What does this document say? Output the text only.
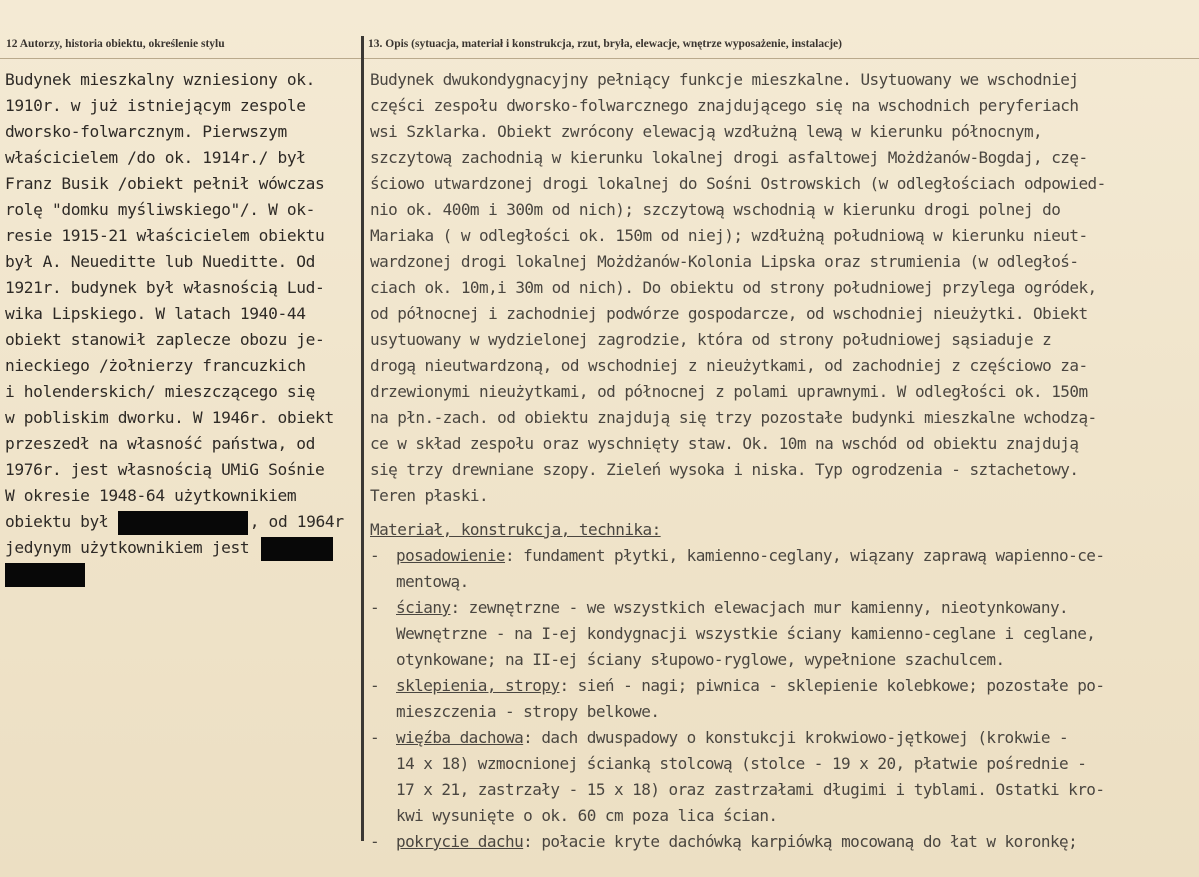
12 Autorzy, historia obiektu, określenie stylu	13. Opis (sytuacja, materiał i konstrukcja, rzut, bryła, elewacje, wnętrze wyposażenie, instalacje)
Budynek mieszkalny wzniesiony ok.
1910r. w już istniejącym zespole
dworsko-folwarcznym. Pierwszym
właścicielem /do ok. 1914r./ był
Franz Busik /obiekt pełnił wówczas
rolę "domku myśliwskiego"/. W ok-
resie 1915-21 właścicielem obiektu
był A. Neueditte lub Nueditte. Od
1921r. budynek był własnością Lud-
wika Lipskiego. W latach 1940-44
obiekt stanowił zaplecze obozu je-
nieckiego /żołnierzy francuzkich
i holenderskich/ mieszczącego się
w pobliskim dworku. W 1946r. obiekt
przeszedł na własność państwa, od
1976r. jest własnością UMiG Sośnie
W okresie 1948-64 użytkownikiem
obiektu był	, od 1964r
jedynym użytkownikiem jest
Budynek dwukondygnacyjny pełniący funkcje mieszkalne. Usytuowany we wschodniej
części zespołu dworsko-folwarcznego znajdującego się na wschodnich peryferiach
wsi Szklarka. Obiekt zwrócony elewacją wzdłużną lewą w kierunku północnym,
szczytową zachodnią w kierunku lokalnej drogi asfaltowej Możdżanów-Bogdaj, czę-
ściowo utwardzonej drogi lokalnej do Sośni Ostrowskich (w odległościach odpowied-
nio ok. 400m i 300m od nich); szczytową wschodnią w kierunku drogi polnej do
Mariaka ( w odległości ok. 150m od niej); wzdłużną południową w kierunku nieut-
wardzonej drogi lokalnej Możdżanów-Kolonia Lipska oraz strumienia (w odległoś-
ciach ok. 10m,i 30m od nich). Do obiektu od strony południowej przylega ogródek,
od północnej i zachodniej podwórze gospodarcze, od wschodniej nieużytki. Obiekt
usytuowany w wydzielonej zagrodzie, która od strony południowej sąsiaduje z
drogą nieutwardzoną, od wschodniej z nieużytkami, od zachodniej z częściowo za-
drzewionymi nieużytkami, od północnej z polami uprawnymi. W odległości ok. 150m
na płn.-zach. od obiektu znajdują się trzy pozostałe budynki mieszkalne wchodzą-
ce w skład zespołu oraz wyschnięty staw. Ok. 10m na wschód od obiektu znajdują
się trzy drewniane szopy. Zieleń wysoka i niska. Typ ogrodzenia - sztachetowy.
Teren płaski.
Materiał, konstrukcja, technika:
- posadowienie: fundament płytki, kamienno-ceglany, wiązany zaprawą wapienno-ce-
mentową.
- ściany: zewnętrzne - we wszystkich elewacjach mur kamienny, nieotynkowany.
Wewnętrzne - na I-ej kondygnacji wszystkie ściany kamienno-ceglane i ceglane,
otynkowane; na II-ej ściany słupowo-ryglowe, wypełnione szachulcem.
- sklepienia, stropy: sień - nagi; piwnica - sklepienie kolebkowe; pozostałe po-
mieszczenia - stropy belkowe.
- więźba dachowa: dach dwuspadowy o konstukcji krokwiowo-jętkowej (krokwie -
14 x 18) wzmocnionej ścianką stolcową (stolce - 19 x 20, płatwie pośrednie -
17 x 21, zastrzały - 15 x 18) oraz zastrzałami długimi i tyblami. Ostatki kro-
kwi wysunięte o ok. 60 cm poza lica ścian.
- pokrycie dachu: połacie kryte dachówką karpiówką mocowaną do łat w koronkę;
